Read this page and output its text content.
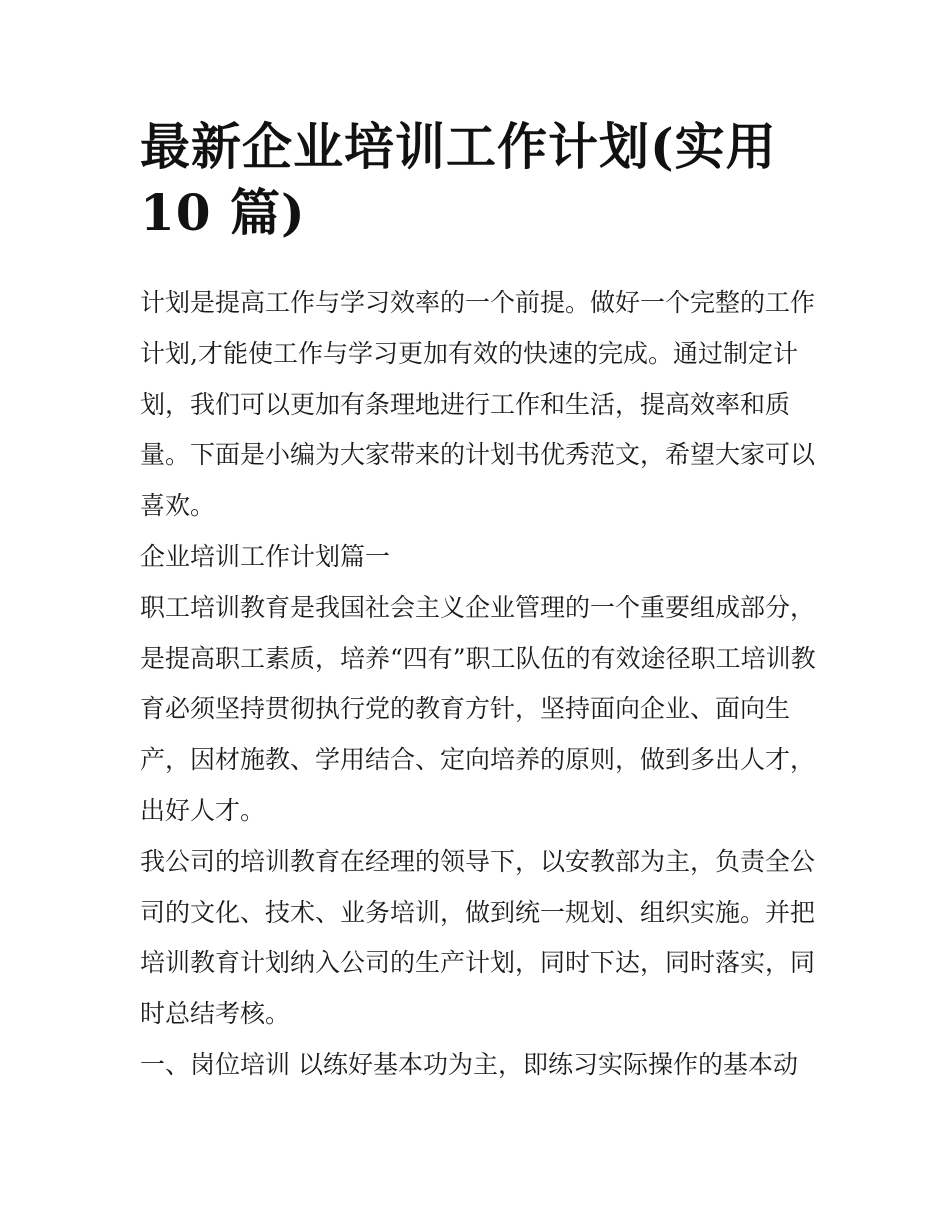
最新企业培训工作计划(实用
10 篇)

计划是提高工作与学习效率的一个前提。做好一个完整的工作

计划,才能使工作与学习更加有效的快速的完成。通过制定计

划，我们可以更加有条理地进行工作和生活，提高效率和质

量。下面是小编为大家带来的计划书优秀范文，希望大家可以

喜欢。

企业培训工作计划篇一

职工培训教育是我国社会主义企业管理的一个重要组成部分，

是提高职工素质，培养“四有”职工队伍的有效途径职工培训教

育必须坚持贯彻执行党的教育方针，坚持面向企业、面向生

产，因材施教、学用结合、定向培养的原则，做到多出人才，

出好人才。

我公司的培训教育在经理的领导下，以安教部为主，负责全公

司的文化、技术、业务培训，做到统一规划、组织实施。并把

培训教育计划纳入公司的生产计划，同时下达，同时落实，同

时总结考核。

一、岗位培训 以练好基本功为主，即练习实际操作的基本动
